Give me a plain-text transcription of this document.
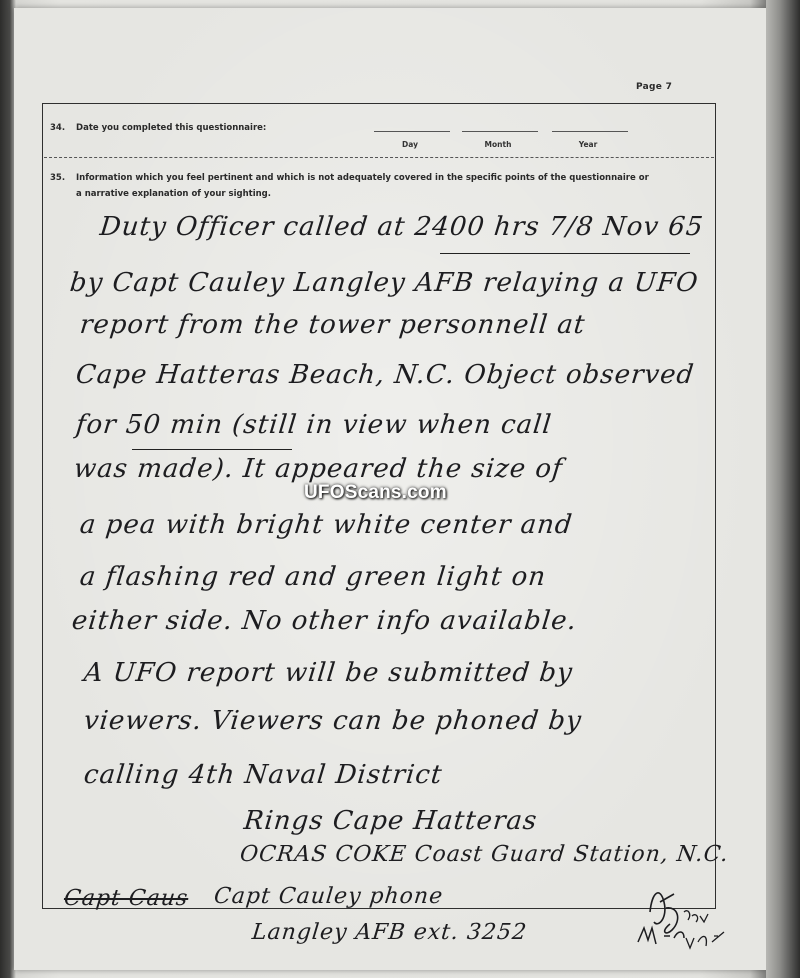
Page 7
34. Date you completed this questionnaire:
Day	Month	Year
35. Information which you feel pertinent and which is not adequately covered in the specific points of the questionnaire or a narrative explanation of your sighting.
Duty Officer called at 2400 hrs 7/8 Nov 65
by Capt Cauley Langley AFB relaying a UFO
report from the tower personnell at
Cape Hatteras Beach, N.C. Object observed
for 50 min (still in view when call
was made). It appeared the size of
a pea with bright white center and
a flashing red and green light on
either side. No other info available.
A UFO report will be submitted by
viewers. Viewers can be phoned by
calling 4th Naval District
Rings Cape Hatteras
OCRAS COKE Coast Guard Station, N.C.
Capt Caus Capt Cauley phone
Langley AFB ext. 3252
UFOScans.com
